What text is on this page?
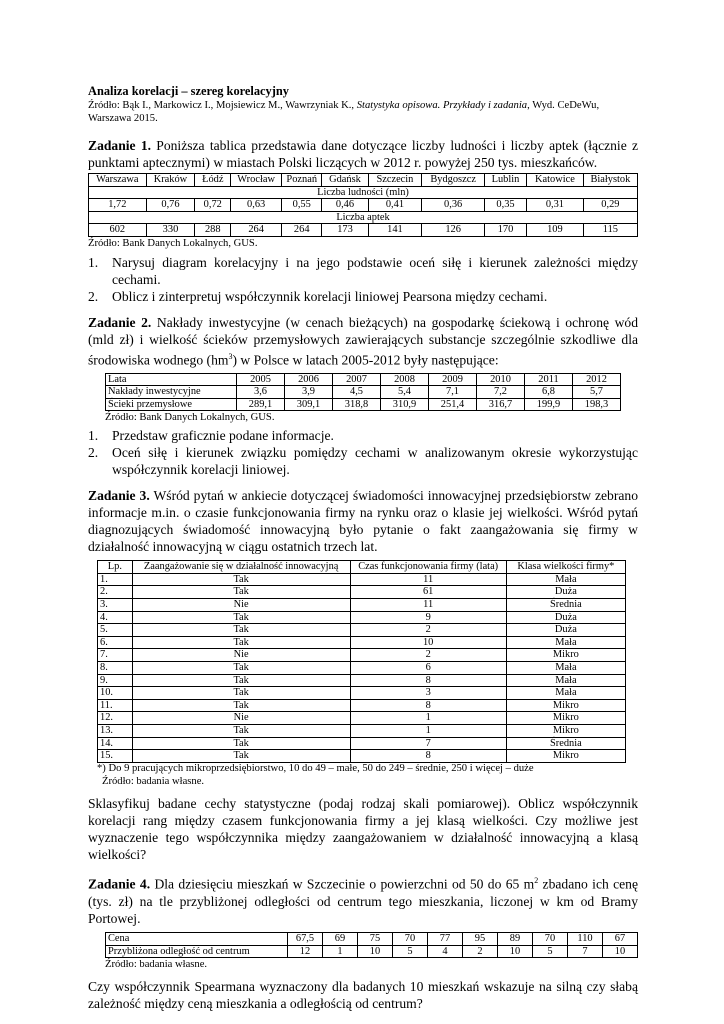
Analiza korelacji – szereg korelacyjny

Źródło: Bąk I., Markowicz I., Mojsiewicz M., Wawrzyniak K., Statystyka opisowa. Przykłady i zadania, Wyd. CeDeWu, Warszawa 2015.

Zadanie 1. Poniższa tablica przedstawia dane dotyczące liczby ludności i liczby aptek (łącznie z punktami aptecznymi) w miastach Polski liczących w 2012 r. powyżej 250 tys. mieszkańców.

Warszawa	Kraków	Łódź	Wrocław	Poznań	Gdańsk	Szczecin	Bydgoszcz	Lublin	Katowice	Białystok
Liczba ludności (mln)										
1,72	0,76	0,72	0,63	0,55	0,46	0,41	0,36	0,35	0,31	0,29
Liczba aptek										
602	330	288	264	264	173	141	126	170	109	115

Źródło: Bank Danych Lokalnych, GUS.

1. Narysuj diagram korelacyjny i na jego podstawie oceń siłę i kierunek zależności między cechami.
2. Oblicz i zinterpretuj współczynnik korelacji liniowej Pearsona między cechami.

Zadanie 2. Nakłady inwestycyjne (w cenach bieżących) na gospodarkę ściekową i ochronę wód (mld zł) i wielkość ścieków przemysłowych zawierających substancje szczególnie szkodliwe dla środowiska wodnego $(hm^3)$ w Polsce w latach 2005-2012 były następujące:

Lata	2005	2006	2007	2008	2009	2010	2011	2012
Nakłady inwestycyjne	3,6	3,9	4,5	5,4	7,1	7,2	6,8	5,7
Ścieki przemysłowe	289,1	309,1	318,8	310,9	251,4	316,7	199,9	198,3

Źródło: Bank Danych Lokalnych, GUS.

1. Przedstaw graficznie podane informacje.
2. Oceń siłę i kierunek związku pomiędzy cechami w analizowanym okresie wykorzystując współczynnik korelacji liniowej.

Zadanie 3. Wśród pytań w ankiecie dotyczącej świadomości innowacyjnej przedsiębiorstw zebrano informacje m.in. o czasie funkcjonowania firmy na rynku oraz o klasie jej wielkości. Wśród pytań diagnozujących świadomość innowacyjną było pytanie o fakt zaangażowania się firmy w działalność innowacyjną w ciągu ostatnich trzech lat.

Lp.	Zaangażowanie się w działalność innowacyjną	Czas funkcjonowania firmy (lata)	Klasa wielkości firmy*
1.	Tak	11	Mała
2.	Tak	61	Duża
3.	Nie	11	Średnia
4.	Tak	9	Duża
5.	Tak	2	Duża
6.	Tak	10	Mała
7.	Nie	2	Mikro
8.	Tak	6	Mała
9.	Tak	8	Mała
10.	Tak	3	Mała
11.	Tak	8	Mikro
12.	Nie	1	Mikro
13.	Tak	1	Mikro
14.	Tak	7	Średnia
15.	Tak	8	Mikro

*) Do 9 pracujących mikroprzedsiębiorstwo, 10 do 49 – małe, 50 do 249 – średnie, 250 i więcej – duże

Źródło: badania własne.

Sklasyfikuj badane cechy statystyczne (podaj rodzaj skali pomiarowej). Oblicz współczynnik korelacji rang między czasem funkcjonowania firmy a jej klasą wielkości. Czy możliwe jest wyznaczenie tego współczynnika między zaangażowaniem w działalność innowacyjną a klasą wielkości?

Zadanie 4. Dla dziesięciu mieszkań w Szczecinie o powierzchni od 50 do 65 $m^2$ zbadano ich cenę (tys. zł) na tle przybliżonej odległości od centrum tego mieszkania, liczonej w km od Bramy Portowej.

Cena	67,5	69	75	70	77	95	89	70	110	67
Przybliżona odległość od centrum	12	1	10	5	4	2	10	5	7	10

Źródło: badania własne.

Czy współczynnik Spearmana wyznaczony dla badanych 10 mieszkań wskazuje na silną czy słabą zależność między ceną mieszkania a odległością od centrum?
